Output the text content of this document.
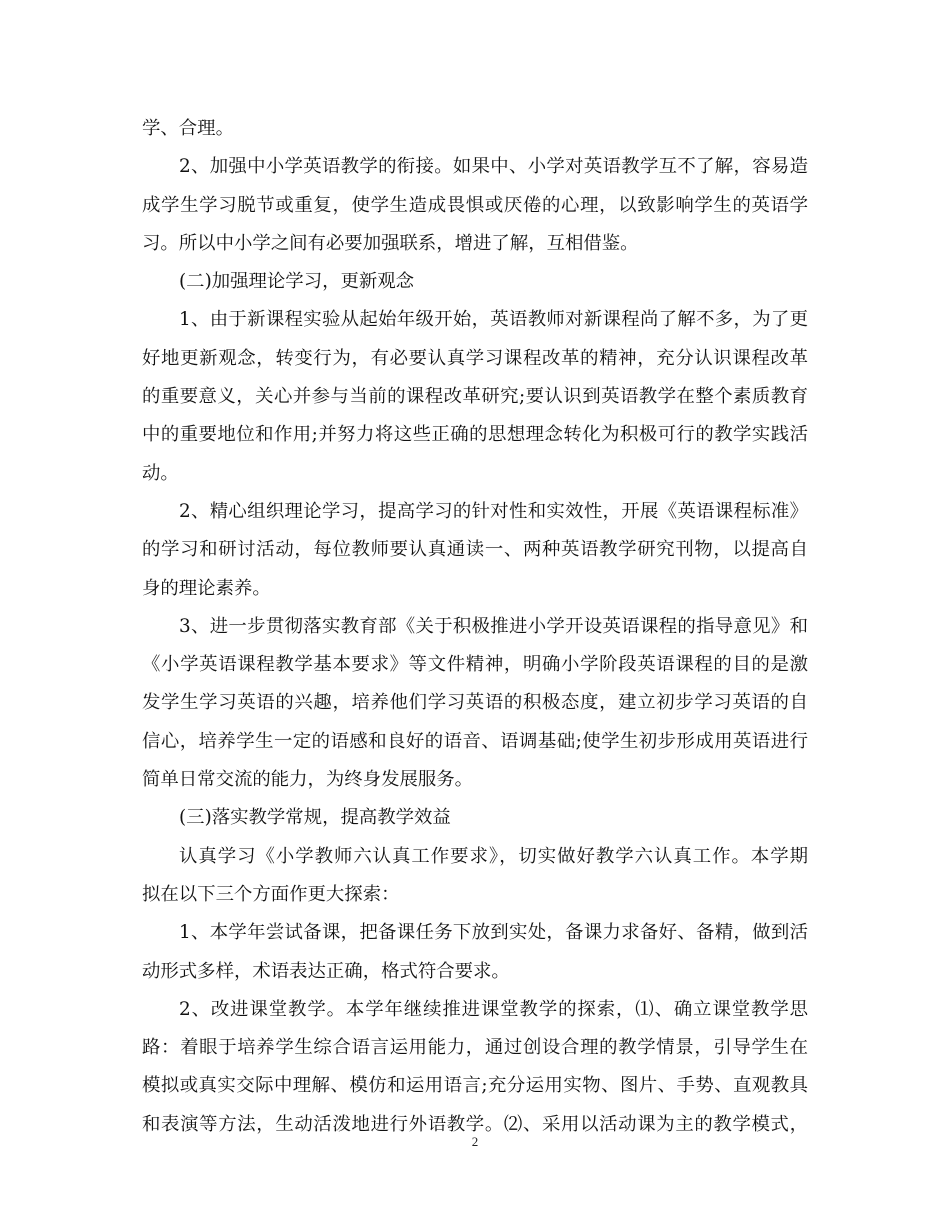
学、合理。
2、加强中小学英语教学的衔接。如果中、小学对英语教学互不了解，容易造
成学生学习脱节或重复，使学生造成畏惧或厌倦的心理，以致影响学生的英语学
习。所以中小学之间有必要加强联系，增进了解，互相借鉴。
(二)加强理论学习，更新观念
1、由于新课程实验从起始年级开始，英语教师对新课程尚了解不多，为了更
好地更新观念，转变行为，有必要认真学习课程改革的精神，充分认识课程改革
的重要意义，关心并参与当前的课程改革研究;要认识到英语教学在整个素质教育
中的重要地位和作用;并努力将这些正确的思想理念转化为积极可行的教学实践活
动。
2、精心组织理论学习，提高学习的针对性和实效性，开展《英语课程标准》
的学习和研讨活动，每位教师要认真通读一、两种英语教学研究刊物，以提高自
身的理论素养。
3、进一步贯彻落实教育部《关于积极推进小学开设英语课程的指导意见》和
《小学英语课程教学基本要求》等文件精神，明确小学阶段英语课程的目的是激
发学生学习英语的兴趣，培养他们学习英语的积极态度，建立初步学习英语的自
信心，培养学生一定的语感和良好的语音、语调基础;使学生初步形成用英语进行
简单日常交流的能力，为终身发展服务。
(三)落实教学常规，提高教学效益
认真学习《小学教师六认真工作要求》，切实做好教学六认真工作。本学期
拟在以下三个方面作更大探索：
1、本学年尝试备课，把备课任务下放到实处，备课力求备好、备精，做到活
动形式多样，术语表达正确，格式符合要求。
2、改进课堂教学。本学年继续推进课堂教学的探索，⑴、确立课堂教学思
路：着眼于培养学生综合语言运用能力，通过创设合理的教学情景，引导学生在
模拟或真实交际中理解、模仿和运用语言;充分运用实物、图片、手势、直观教具
和表演等方法，生动活泼地进行外语教学。⑵、采用以活动课为主的教学模式，
2
